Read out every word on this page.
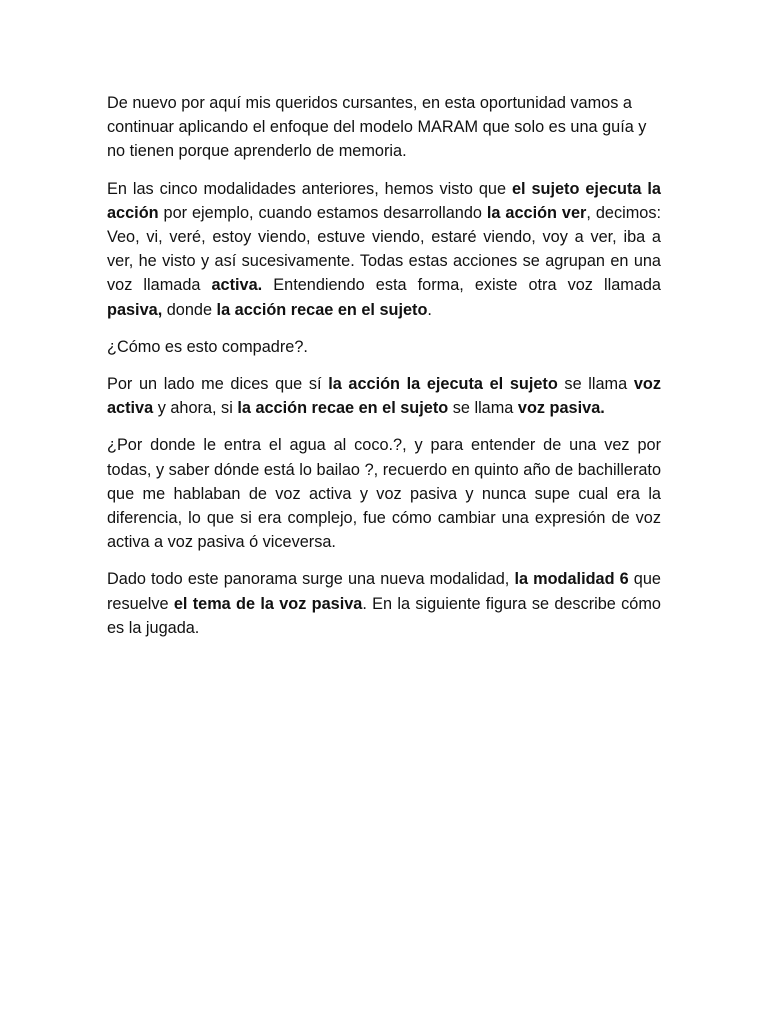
De nuevo por aquí mis queridos cursantes, en esta oportunidad vamos a continuar aplicando el enfoque del modelo MARAM que solo es una guía y no tienen porque aprenderlo de memoria.

En las cinco modalidades anteriores, hemos visto que el sujeto ejecuta la acción por ejemplo, cuando estamos desarrollando la acción ver, decimos: Veo, vi, veré, estoy viendo, estuve viendo, estaré viendo, voy a ver, iba a ver, he visto y así sucesivamente. Todas estas acciones se agrupan en una voz llamada activa. Entendiendo esta forma, existe otra voz llamada pasiva, donde la acción recae en el sujeto.

¿Cómo es esto compadre?.

Por un lado me dices que sí la acción la ejecuta el sujeto se llama voz activa y ahora, si la acción recae en el sujeto se llama voz pasiva.

¿Por donde le entra el agua al coco.?, y para entender de una vez por todas, y saber dónde está lo bailao ?, recuerdo en quinto año de bachillerato que me hablaban de voz activa y voz pasiva y nunca supe cual era la diferencia, lo que si era complejo, fue cómo cambiar una expresión de voz activa a voz pasiva ó viceversa.

Dado todo este panorama surge una nueva modalidad, la modalidad 6 que resuelve el tema de la voz pasiva. En la siguiente figura se describe cómo es la jugada.
